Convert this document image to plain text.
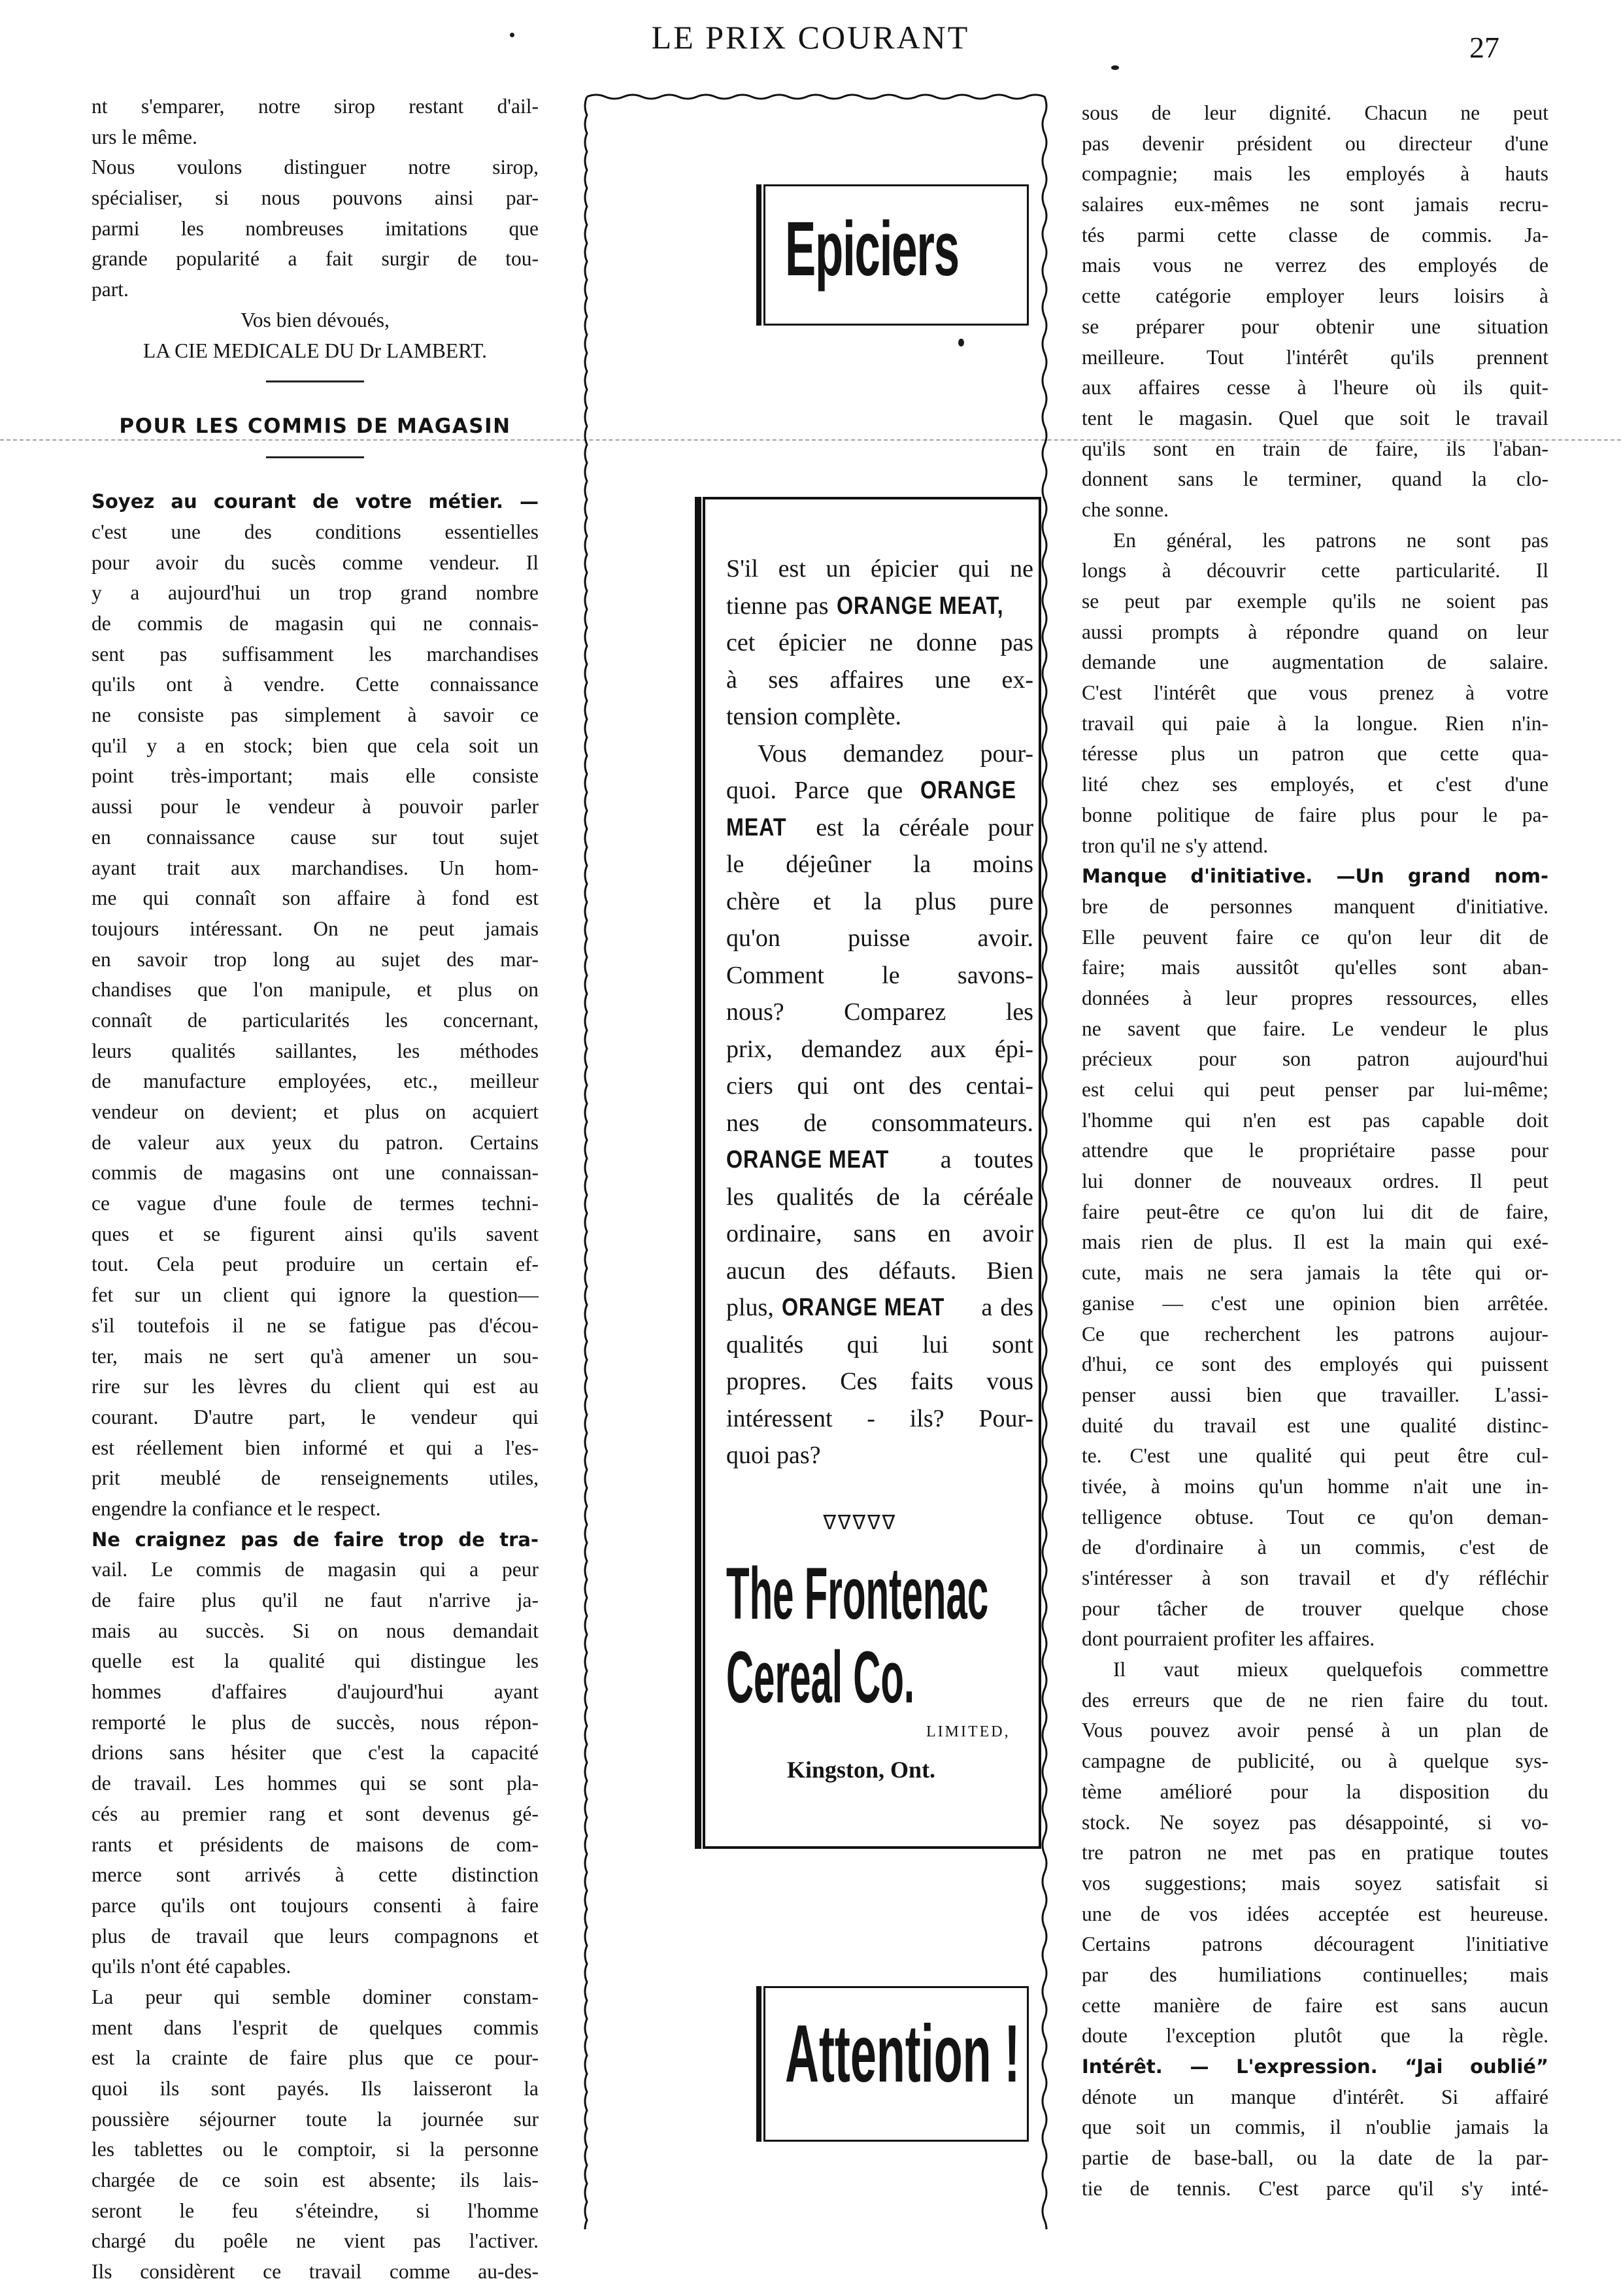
LE PRIX COURANT	27
nt s'emparer, notre sirop restant d'ail-
urs le même.
Nous voulons distinguer notre sirop,
spécialiser, si nous pouvons ainsi par-
parmi les nombreuses imitations que
grande popularité a fait surgir de tou-
part.
Vos bien dévoués,
LA CIE MEDICALE DU Dr LAMBERT.
POUR LES COMMIS DE MAGASIN
Soyez au courant de votre métier. —
c'est une des conditions essentielles
pour avoir du sucès comme vendeur. Il
y a aujourd'hui un trop grand nombre
de commis de magasin qui ne connais-
sent pas suffisamment les marchandises
qu'ils ont à vendre. Cette connaissance
ne consiste pas simplement à savoir ce
qu'il y a en stock; bien que cela soit un
point très-important; mais elle consiste
aussi pour le vendeur à pouvoir parler
en connaissance cause sur tout sujet
ayant trait aux marchandises. Un hom-
me qui connaît son affaire à fond est
toujours intéressant. On ne peut jamais
en savoir trop long au sujet des mar-
chandises que l'on manipule, et plus on
connaît de particularités les concernant,
leurs qualités saillantes, les méthodes
de manufacture employées, etc., meilleur
vendeur on devient; et plus on acquiert
de valeur aux yeux du patron. Certains
commis de magasins ont une connaissan-
ce vague d'une foule de termes techni-
ques et se figurent ainsi qu'ils savent
tout. Cela peut produire un certain ef-
fet sur un client qui ignore la question—
s'il toutefois il ne se fatigue pas d'écou-
ter, mais ne sert qu'à amener un sou-
rire sur les lèvres du client qui est au
courant. D'autre part, le vendeur qui
est réellement bien informé et qui a l'es-
prit meublé de renseignements utiles,
engendre la confiance et le respect.
Ne craignez pas de faire trop de tra-
vail. Le commis de magasin qui a peur
de faire plus qu'il ne faut n'arrive ja-
mais au succès. Si on nous demandait
quelle est la qualité qui distingue les
hommes d'affaires d'aujourd'hui ayant
remporté le plus de succès, nous répon-
drions sans hésiter que c'est la capacité
de travail. Les hommes qui se sont pla-
cés au premier rang et sont devenus gé-
rants et présidents de maisons de com-
merce sont arrivés à cette distinction
parce qu'ils ont toujours consenti à faire
plus de travail que leurs compagnons et
qu'ils n'ont été capables.
La peur qui semble dominer constam-
ment dans l'esprit de quelques commis
est la crainte de faire plus que ce pour-
quoi ils sont payés. Ils laisseront la
poussière séjourner toute la journée sur
les tablettes ou le comptoir, si la personne
chargée de ce soin est absente; ils lais-
seront le feu s'éteindre, si l'homme
chargé du poêle ne vient pas l'activer.
Ils considèrent ce travail comme au-des-
sous de leur dignité. Chacun ne peut
pas devenir président ou directeur d'une
compagnie; mais les employés à hauts
salaires eux-mêmes ne sont jamais recru-
tés parmi cette classe de commis. Ja-
mais vous ne verrez des employés de
cette catégorie employer leurs loisirs à
se préparer pour obtenir une situation
meilleure. Tout l'intérêt qu'ils prennent
aux affaires cesse à l'heure où ils quit-
tent le magasin. Quel que soit le travail
qu'ils sont en train de faire, ils l'aban-
donnent sans le terminer, quand la clo-
che sonne.
En général, les patrons ne sont pas
longs à découvrir cette particularité. Il
se peut par exemple qu'ils ne soient pas
aussi prompts à répondre quand on leur
demande une augmentation de salaire.
C'est l'intérêt que vous prenez à votre
travail qui paie à la longue. Rien n'in-
téresse plus un patron que cette qua-
lité chez ses employés, et c'est d'une
bonne politique de faire plus pour le pa-
tron qu'il ne s'y attend.
Manque d'initiative. —Un grand nom-
bre de personnes manquent d'initiative.
Elle peuvent faire ce qu'on leur dit de
faire; mais aussitôt qu'elles sont aban-
données à leur propres ressources, elles
ne savent que faire. Le vendeur le plus
précieux pour son patron aujourd'hui
est celui qui peut penser par lui-même;
l'homme qui n'en est pas capable doit
attendre que le propriétaire passe pour
lui donner de nouveaux ordres. Il peut
faire peut-être ce qu'on lui dit de faire,
mais rien de plus. Il est la main qui exé-
cute, mais ne sera jamais la tête qui or-
ganise — c'est une opinion bien arrêtée.
Ce que recherchent les patrons aujour-
d'hui, ce sont des employés qui puissent
penser aussi bien que travailler. L'assi-
duité du travail est une qualité distinc-
te. C'est une qualité qui peut être cul-
tivée, à moins qu'un homme n'ait une in-
telligence obtuse. Tout ce qu'on deman-
de d'ordinaire à un commis, c'est de
s'intéresser à son travail et d'y réfléchir
pour tâcher de trouver quelque chose
dont pourraient profiter les affaires.
Il vaut mieux quelquefois commettre
des erreurs que de ne rien faire du tout.
Vous pouvez avoir pensé à un plan de
campagne de publicité, ou à quelque sys-
tème amélioré pour la disposition du
stock. Ne soyez pas désappointé, si vo-
tre patron ne met pas en pratique toutes
vos suggestions; mais soyez satisfait si
une de vos idées acceptée est heureuse.
Certains patrons découragent l'initiative
par des humiliations continuelles; mais
cette manière de faire est sans aucun
doute l'exception plutôt que la règle.
Intérêt. — L'expression. “Jai oublié”
dénote un manque d'intérêt. Si affairé
que soit un commis, il n'oublie jamais la
partie de base-ball, ou la date de la par-
tie de tennis. C'est parce qu'il s'y inté-
Epiciers
Attention !
S'il est un épicier qui ne
tienne pas ORANGE MEAT,
cet épicier ne donne pas
à ses affaires une ex-
tension complète.
Vous demandez pour-
quoi. Parce que ORANGE
MEAT est la céréale pour
le déjeûner la moins
chère et la plus pure
qu'on puisse avoir.
Comment le savons-
nous? Comparez les
prix, demandez aux épi-
ciers qui ont des centai-
nes de consommateurs.
ORANGE MEAT a toutes
les qualités de la céréale
ordinaire, sans en avoir
aucun des défauts. Bien
plus, ORANGE MEAT a des
qualités qui lui sont
propres. Ces faits vous
intéressent - ils? Pour-
quoi pas?
ᐁᐁᐁᐁᐁ
The Frontenac
Cereal Co.
LIMITED,
Kingston, Ont.
